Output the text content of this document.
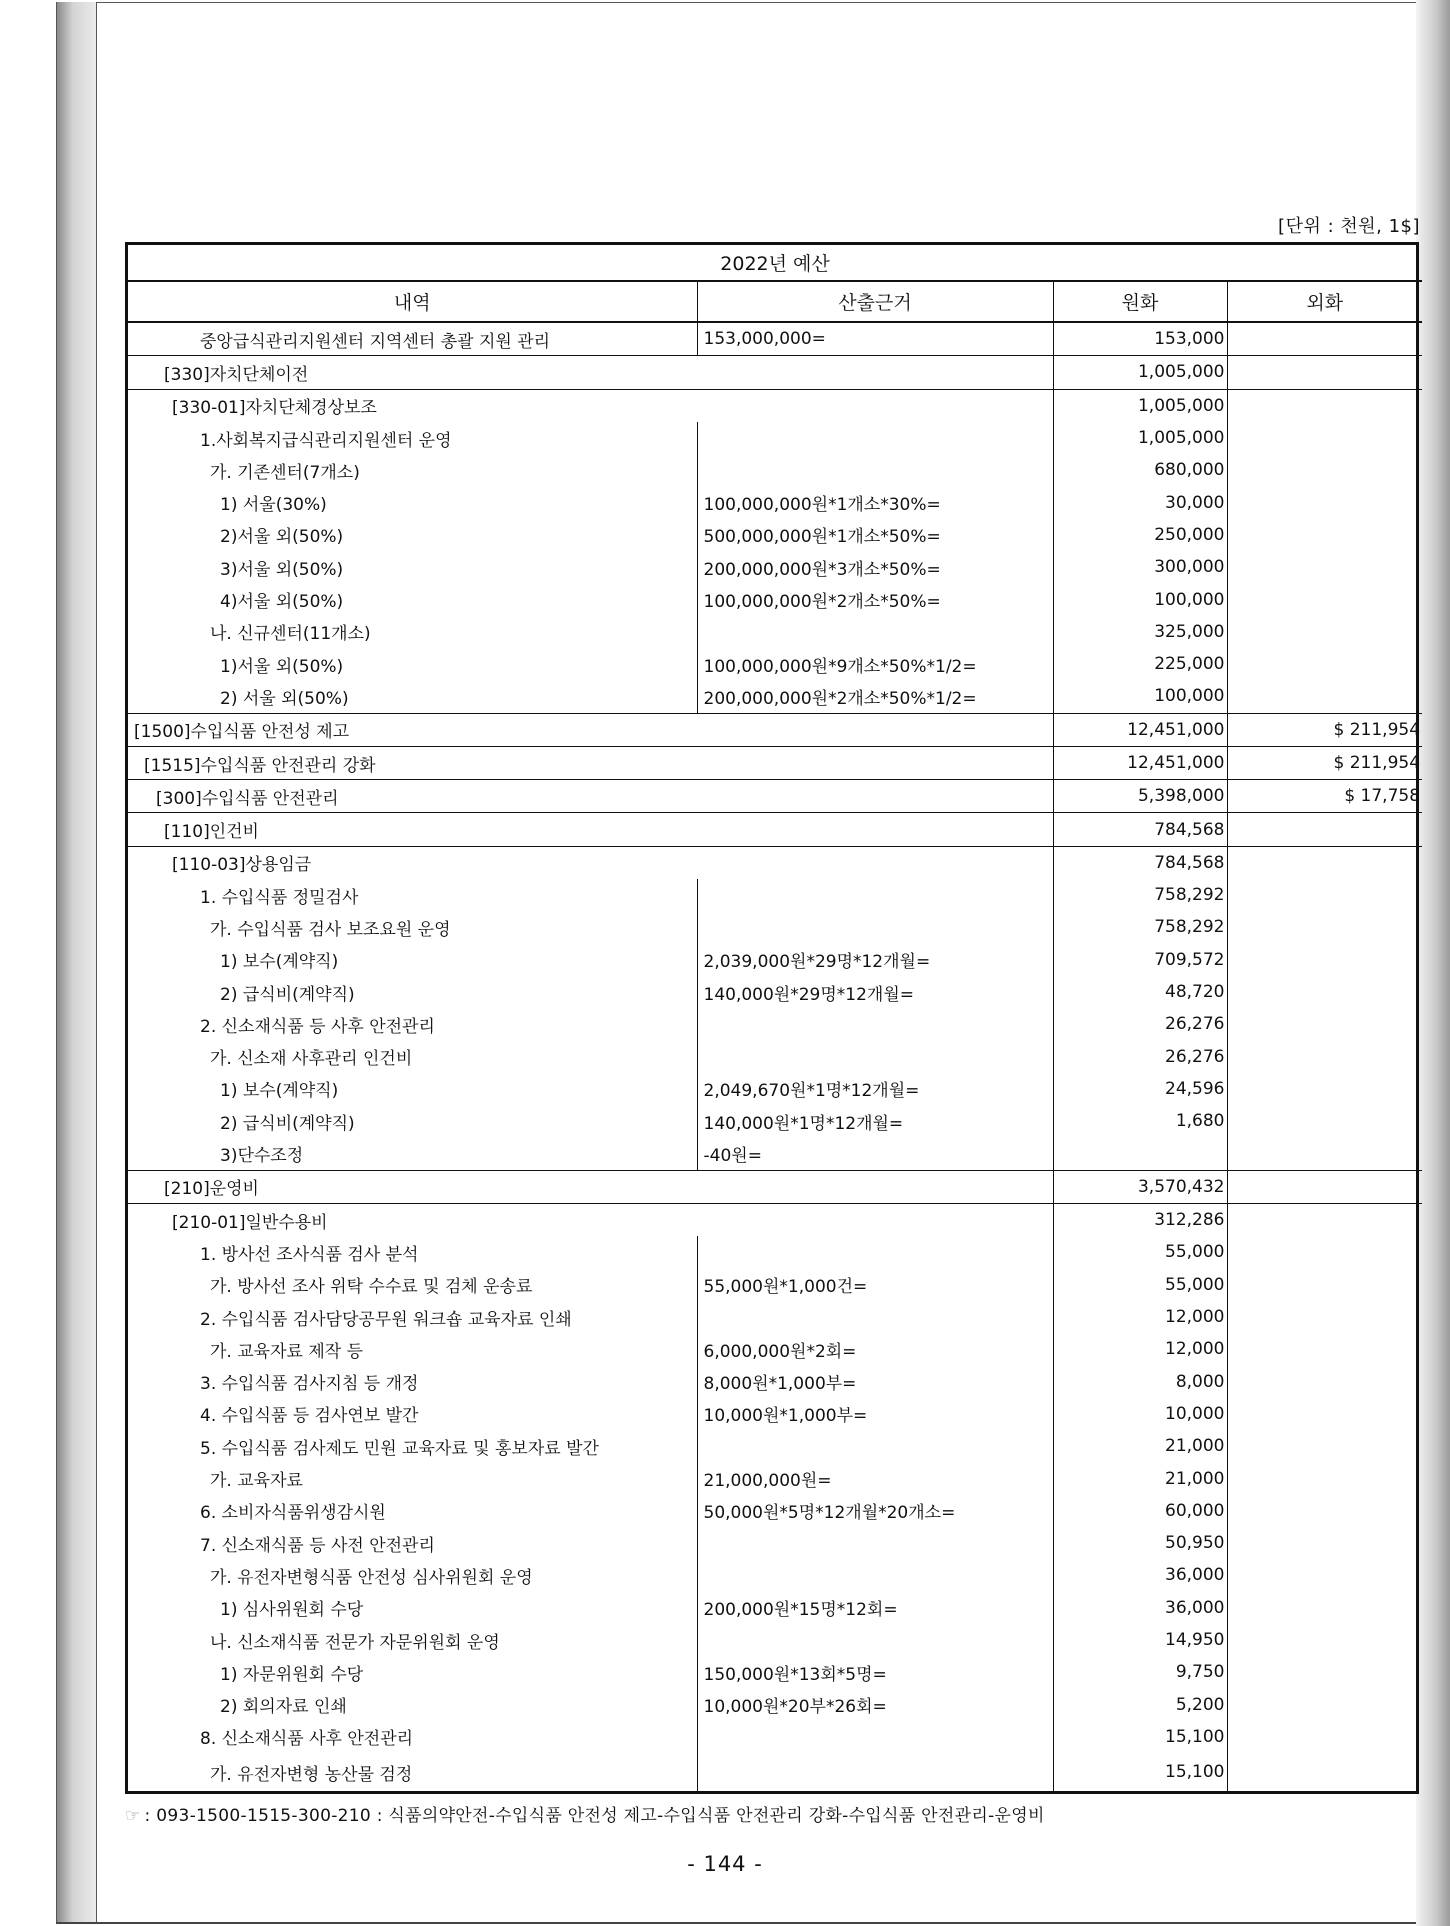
[단위 : 천원, 1$]
2022년 예산			
내역	산출근거	원화	외화
중앙급식관리지원센터 지역센터 총괄 지원 관리	153,000,000=	153,000	
[330]자치단체이전		1,005,000	
[330-01]자치단체경상보조		1,005,000	
1.사회복지급식관리지원센터 운영		1,005,000	
가. 기존센터(7개소)		680,000	
1) 서울(30%)	100,000,000원*1개소*30%=	30,000	
2)서울 외(50%)	500,000,000원*1개소*50%=	250,000	
3)서울 외(50%)	200,000,000원*3개소*50%=	300,000	
4)서울 외(50%)	100,000,000원*2개소*50%=	100,000	
나. 신규센터(11개소)		325,000	
1)서울 외(50%)	100,000,000원*9개소*50%*1/2=	225,000	
2) 서울 외(50%)	200,000,000원*2개소*50%*1/2=	100,000	
[1500]수입식품 안전성 제고		12,451,000	$ 211,954
[1515]수입식품 안전관리 강화		12,451,000	$ 211,954
[300]수입식품 안전관리		5,398,000	$ 17,758
[110]인건비		784,568	
[110-03]상용임금		784,568	
1. 수입식품 정밀검사		758,292	
가. 수입식품 검사 보조요원 운영		758,292	
1) 보수(계약직)	2,039,000원*29명*12개월=	709,572	
2) 급식비(계약직)	140,000원*29명*12개월=	48,720	
2. 신소재식품 등 사후 안전관리		26,276	
가. 신소재 사후관리 인건비		26,276	
1) 보수(계약직)	2,049,670원*1명*12개월=	24,596	
2) 급식비(계약직)	140,000원*1명*12개월=	1,680	
3)단수조정	-40원=		
[210]운영비		3,570,432	
[210-01]일반수용비		312,286	
1. 방사선 조사식품 검사 분석		55,000	
가. 방사선 조사 위탁 수수료 및 검체 운송료	55,000원*1,000건=	55,000	
2. 수입식품 검사담당공무원 워크숍 교육자료 인쇄		12,000	
가. 교육자료 제작 등	6,000,000원*2회=	12,000	
3. 수입식품 검사지침 등 개정	8,000원*1,000부=	8,000	
4. 수입식품 등 검사연보 발간	10,000원*1,000부=	10,000	
5. 수입식품 검사제도 민원 교육자료 및 홍보자료 발간		21,000	
가. 교육자료	21,000,000원=	21,000	
6. 소비자식품위생감시원	50,000원*5명*12개월*20개소=	60,000	
7. 신소재식품 등 사전 안전관리		50,950	
가. 유전자변형식품 안전성 심사위원회 운영		36,000	
1) 심사위원회 수당	200,000원*15명*12회=	36,000	
나. 신소재식품 전문가 자문위원회 운영		14,950	
1) 자문위원회 수당	150,000원*13회*5명=	9,750	
2) 회의자료 인쇄	10,000원*20부*26회=	5,200	
8. 신소재식품 사후 안전관리		15,100	
가. 유전자변형 농산물 검정		15,100	
☞ : 093-1500-1515-300-210 : 식품의약안전-수입식품 안전성 제고-수입식품 안전관리 강화-수입식품 안전관리-운영비
- 144 -
